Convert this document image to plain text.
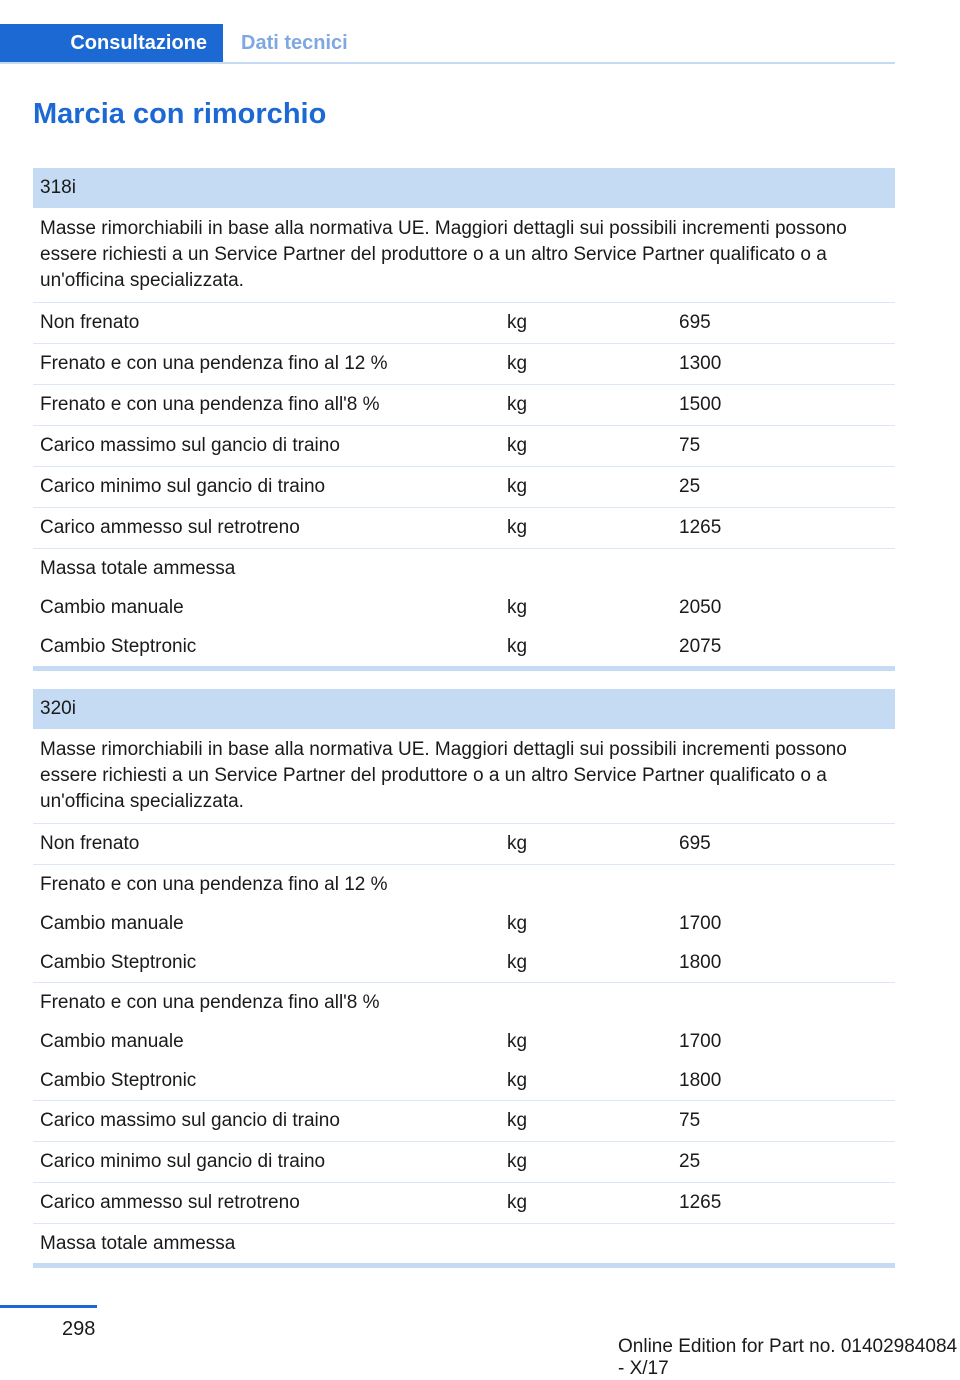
Consultazione	Dati tecnici
Marcia con rimorchio
318i
Masse rimorchiabili in base alla normativa UE. Maggiori dettagli sui possibili incrementi possono essere richiesti a un Service Partner del produttore o a un altro Service Partner qualificato o a un'officina specializzata.
Non frenato	kg	695
Frenato e con una pendenza fino al 12 %	kg	1300
Frenato e con una pendenza fino all'8 %	kg	1500
Carico massimo sul gancio di traino	kg	75
Carico minimo sul gancio di traino	kg	25
Carico ammesso sul retrotreno	kg	1265
Massa totale ammessa
Cambio manuale	kg	2050
Cambio Steptronic	kg	2075
320i
Masse rimorchiabili in base alla normativa UE. Maggiori dettagli sui possibili incrementi possono essere richiesti a un Service Partner del produttore o a un altro Service Partner qualificato o a un'officina specializzata.
Non frenato	kg	695
Frenato e con una pendenza fino al 12 %
Cambio manuale	kg	1700
Cambio Steptronic	kg	1800
Frenato e con una pendenza fino all'8 %
Cambio manuale	kg	1700
Cambio Steptronic	kg	1800
Carico massimo sul gancio di traino	kg	75
Carico minimo sul gancio di traino	kg	25
Carico ammesso sul retrotreno	kg	1265
Massa totale ammessa
298
Online Edition for Part no. 01402984084 - X/17
